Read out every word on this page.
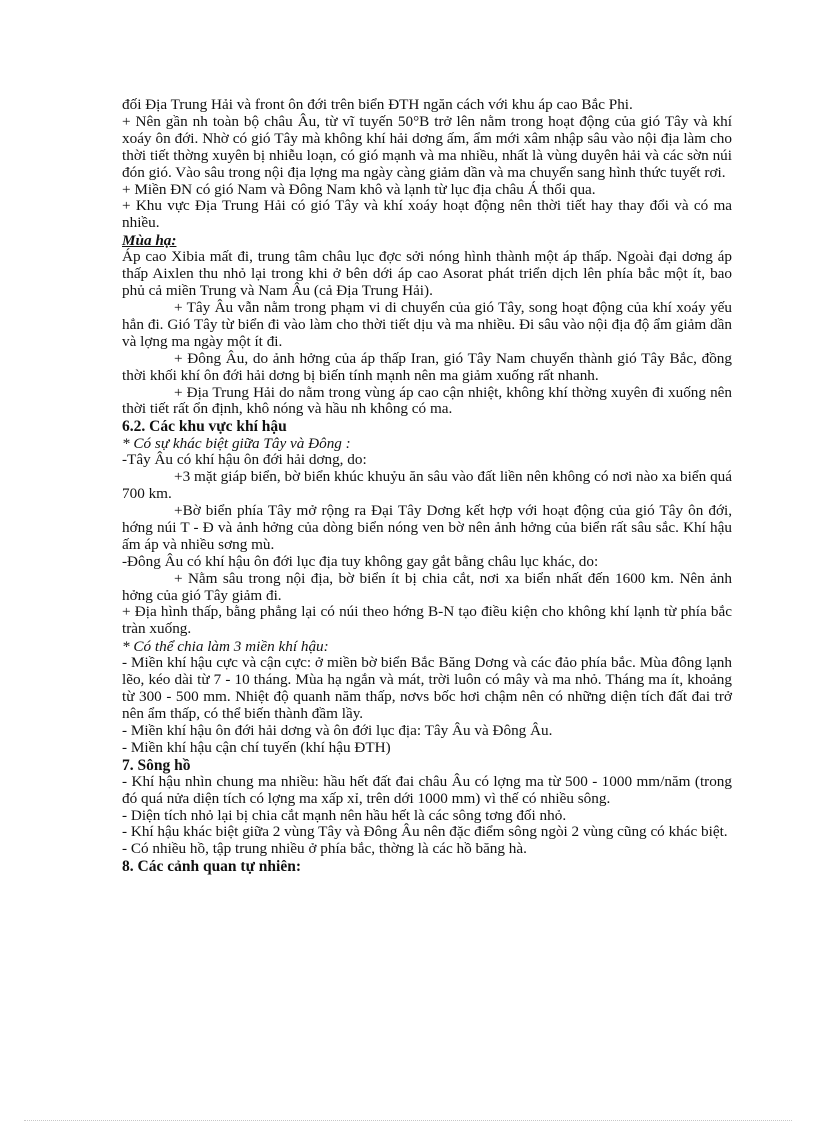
đối Địa Trung Hải và front ôn đới trên biển ĐTH ngăn cách với khu áp cao Bắc Phi.

+ Nên gần nh toàn bộ châu Âu, từ vĩ tuyến 50°B trở lên nằm trong hoạt động của gió Tây và khí xoáy ôn đới. Nhờ có gió Tây mà không khí hải dơng ấm, ẩm mới xâm nhập sâu vào nội địa làm cho thời tiết thờng xuyên bị nhiễu loạn, có gió mạnh và ma nhiều, nhất là vùng duyên hải và các sờn núi đón gió. Vào sâu trong nội địa lợng ma ngày càng giảm dần và ma chuyển sang hình thức tuyết rơi.

+ Miền ĐN có gió Nam và Đông Nam khô và lạnh từ lục địa châu Á thổi qua.

+ Khu vực Địa Trung Hải có gió Tây và khí xoáy hoạt động nên thời tiết hay thay đổi và có ma nhiều.

Mùa hạ:

Áp cao Xibia mất đi, trung tâm châu lục đợc sởi nóng hình thành một áp thấp. Ngoài đại dơng áp thấp Aixlen thu nhỏ lại trong khi ở bên dới áp cao Asorat phát triển dịch lên phía bắc một ít, bao phủ cả miền Trung và Nam Âu (cả Địa Trung Hải).

+ Tây Âu vẫn nằm trong phạm vi di chuyển của gió Tây, song hoạt động của khí xoáy yếu hẳn đi. Gió Tây từ biển đi vào làm cho thời tiết dịu và ma nhiều. Đi sâu vào nội địa độ ẩm giảm dần và lợng ma ngày một ít đi.

+ Đông Âu, do ảnh hởng của áp thấp Iran, gió Tây Nam chuyển thành gió Tây Bắc, đồng thời khối khí ôn đới hải dơng bị biến tính mạnh nên ma giảm xuống rất nhanh.

+ Địa Trung Hải do nằm trong vùng áp cao cận nhiệt, không khí thờng xuyên đi xuống nên thời tiết rất ổn định, khô nóng và hầu nh không có ma.

6.2. Các khu vực khí hậu

* Có sự khác biệt giữa Tây và Đông :

-Tây Âu có khí hậu ôn đới hải dơng, do:

+3 mặt giáp biển, bờ biển khúc khuỷu ăn sâu vào đất liền nên không có nơi nào xa biển quá 700 km.

+Bờ biển phía Tây mở rộng ra Đại Tây Dơng kết hợp với hoạt động của gió Tây ôn đới, hớng núi T - Đ và ảnh hởng của dòng biển nóng ven bờ nên ảnh hởng của biển rất sâu sắc. Khí hậu ấm áp và nhiều sơng mù.

-Đông Âu có khí hậu ôn đới lục địa tuy không gay gắt bằng châu lục khác, do:

+ Nằm sâu trong nội địa, bờ biển ít bị chia cắt, nơi xa biển nhất đến 1600 km. Nên ảnh hởng của gió Tây giảm đi.

+ Địa hình thấp, bằng phẳng lại có núi theo hớng B-N tạo điều kiện cho không khí lạnh từ phía bắc tràn xuống.

* Có thể chia làm 3 miền khí hậu:

- Miền khí hậu cực và cận cực: ở miền bờ biển Bắc Băng Dơng và các đảo phía bắc. Mùa đông lạnh lẽo, kéo dài từ 7 - 10 tháng. Mùa hạ ngắn và mát, trời luôn có mây và ma nhỏ. Tháng ma ít, khoảng từ 300 - 500 mm. Nhiệt độ quanh năm thấp, nơvs bốc hơi chậm nên có những diện tích đất đai trở nên ẩm thấp, có thể biến thành đầm lầy.

- Miền khí hậu ôn đới hải dơng và ôn đới lục địa: Tây Âu và Đông Âu.

- Miền khí hậu cận chí tuyến (khí hậu ĐTH)

7. Sông hồ

- Khí hậu nhìn chung ma nhiều: hầu hết đất đai châu Âu có lợng ma từ 500 - 1000 mm/năm (trong đó quá nửa diện tích có lợng ma xấp xỉ, trên dới 1000 mm) vì thế có nhiều sông.

- Diện tích nhỏ lại bị chia cắt mạnh nên hầu hết là các sông tơng đối nhỏ.

- Khí hậu khác biệt giữa 2 vùng Tây và Đông Âu nên đặc điểm sông ngòi 2 vùng cũng có khác biệt.

- Có nhiều hồ, tập trung nhiều ở phía bắc, thờng là các hồ băng hà.

8. Các cảnh quan tự nhiên:
